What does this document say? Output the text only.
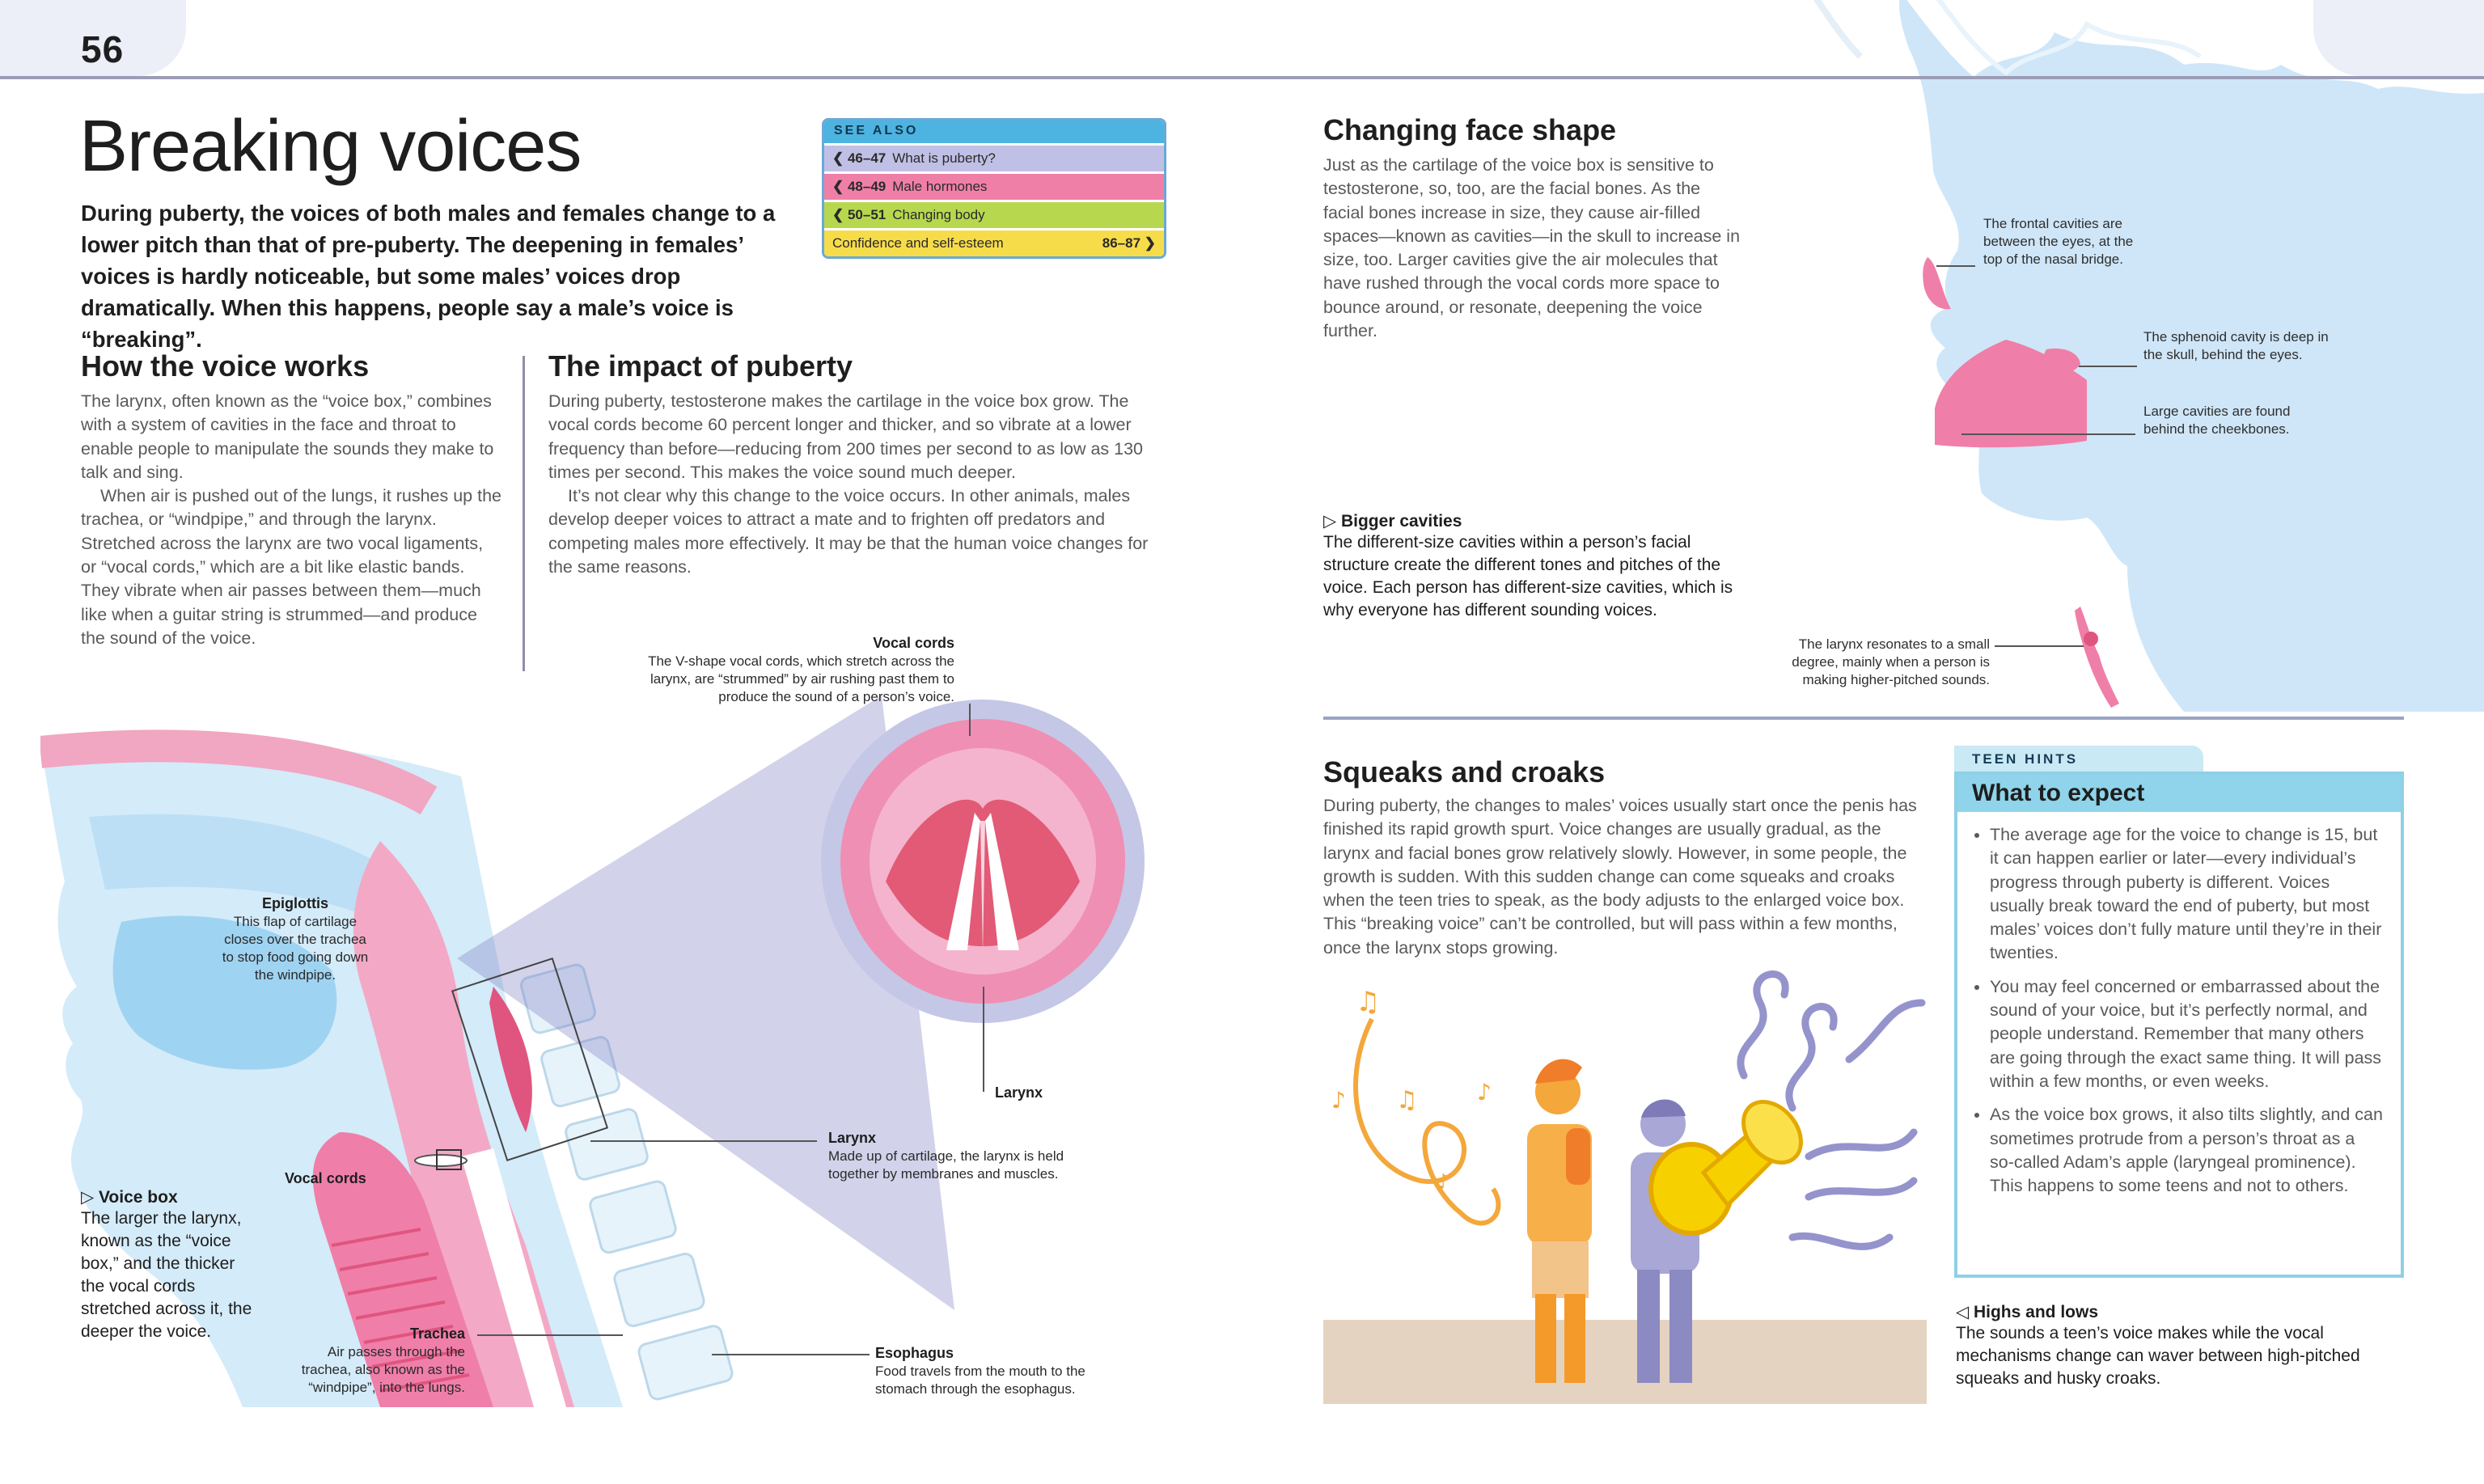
56
Breaking voices
During puberty, the voices of both males and females change to a lower pitch than that of pre-puberty. The deepening in females’ voices is hardly noticeable, but some males’ voices drop dramatically. When this happens, people say a male’s voice is “breaking”.
SEE ALSO
❮ 46–47 What is puberty?
❮ 48–49 Male hormones
❮ 50–51 Changing body
Confidence and self-esteem	86–87 ❯
How the voice works

The larynx, often known as the “voice box,” combines with a system of cavities in the face and throat to enable people to manipulate the sounds they make to talk and sing.

When air is pushed out of the lungs, it rushes up the trachea, or “windpipe,” and through the larynx. Stretched across the larynx are two vocal ligaments, or “vocal cords,” which are a bit like elastic bands. They vibrate when air passes between them—much like when a guitar string is strummed—and produce the sound of the voice.

The impact of puberty

During puberty, testosterone makes the cartilage in the voice box grow. The vocal cords become 60 percent longer and thicker, and so vibrate at a lower frequency than before—reducing from 200 times per second to as low as 130 times per second. This makes the voice sound much deeper.

It’s not clear why this change to the voice occurs. In other animals, males develop deeper voices to attract a mate and to frighten off predators and competing males more effectively. It may be that the human voice changes for the same reasons.

Vocal cords
The V-shape vocal cords, which stretch across the larynx, are “strummed” by air rushing past them to produce the sound of a person’s voice.
Epiglottis
This flap of cartilage closes over the trachea to stop food going down the windpipe.
Larynx
Larynx
Made up of cartilage, the larynx is held together by membranes and muscles.
Vocal cords
Trachea
Air passes through the trachea, also known as the “windpipe”, into the lungs.
Esophagus
Food travels from the mouth to the stomach through the esophagus.
▷ Voice box
The larger the larynx, known as the “voice box,” and the thicker the vocal cords stretched across it, the deeper the voice.
Changing face shape
Just as the cartilage of the voice box is sensitive to testosterone, so, too, are the facial bones. As the facial bones increase in size, they cause air-filled spaces—known as cavities—in the skull to increase in size, too. Larger cavities give the air molecules that have rushed through the vocal cords more space to bounce around, or resonate, deepening the voice further.
The frontal cavities are between the eyes, at the top of the nasal bridge.
The sphenoid cavity is deep in the skull, behind the eyes.
Large cavities are found behind the cheekbones.
The larynx resonates to a small degree, mainly when a person is making higher-pitched sounds.
▷ Bigger cavities
The different-size cavities within a person’s facial structure create the different tones and pitches of the voice. Each person has different-size cavities, which is why everyone has different sounding voices.
Squeaks and croaks
During puberty, the changes to males’ voices usually start once the penis has finished its rapid growth spurt. Voice changes are usually gradual, as the larynx and facial bones grow relatively slowly. However, in some people, the growth is sudden. With this sudden change can come squeaks and croaks when the teen tries to speak, as the body adjusts to the enlarged voice box. This “breaking voice” can’t be controlled, but will pass within a few months, once the larynx stops growing.
♫
♪ ♫	♪
♪
TEEN HINTS
What to expect
• The average age for the voice to change is 15, but it can happen earlier or later—every individual’s progress through puberty is different. Voices usually break toward the end of puberty, but most males’ voices don’t fully mature until they’re in their twenties.
• You may feel concerned or embarrassed about the sound of your voice, but it’s perfectly normal, and people understand. Remember that many others are going through the exact same thing. It will pass within a few months, or even weeks.
• As the voice box grows, it also tilts slightly, and can sometimes protrude from a person’s throat as a so-called Adam’s apple (laryngeal prominence). This happens to some teens and not to others.
◁ Highs and lows
The sounds a teen’s voice makes while the vocal mechanisms change can waver between high-pitched squeaks and husky croaks.
